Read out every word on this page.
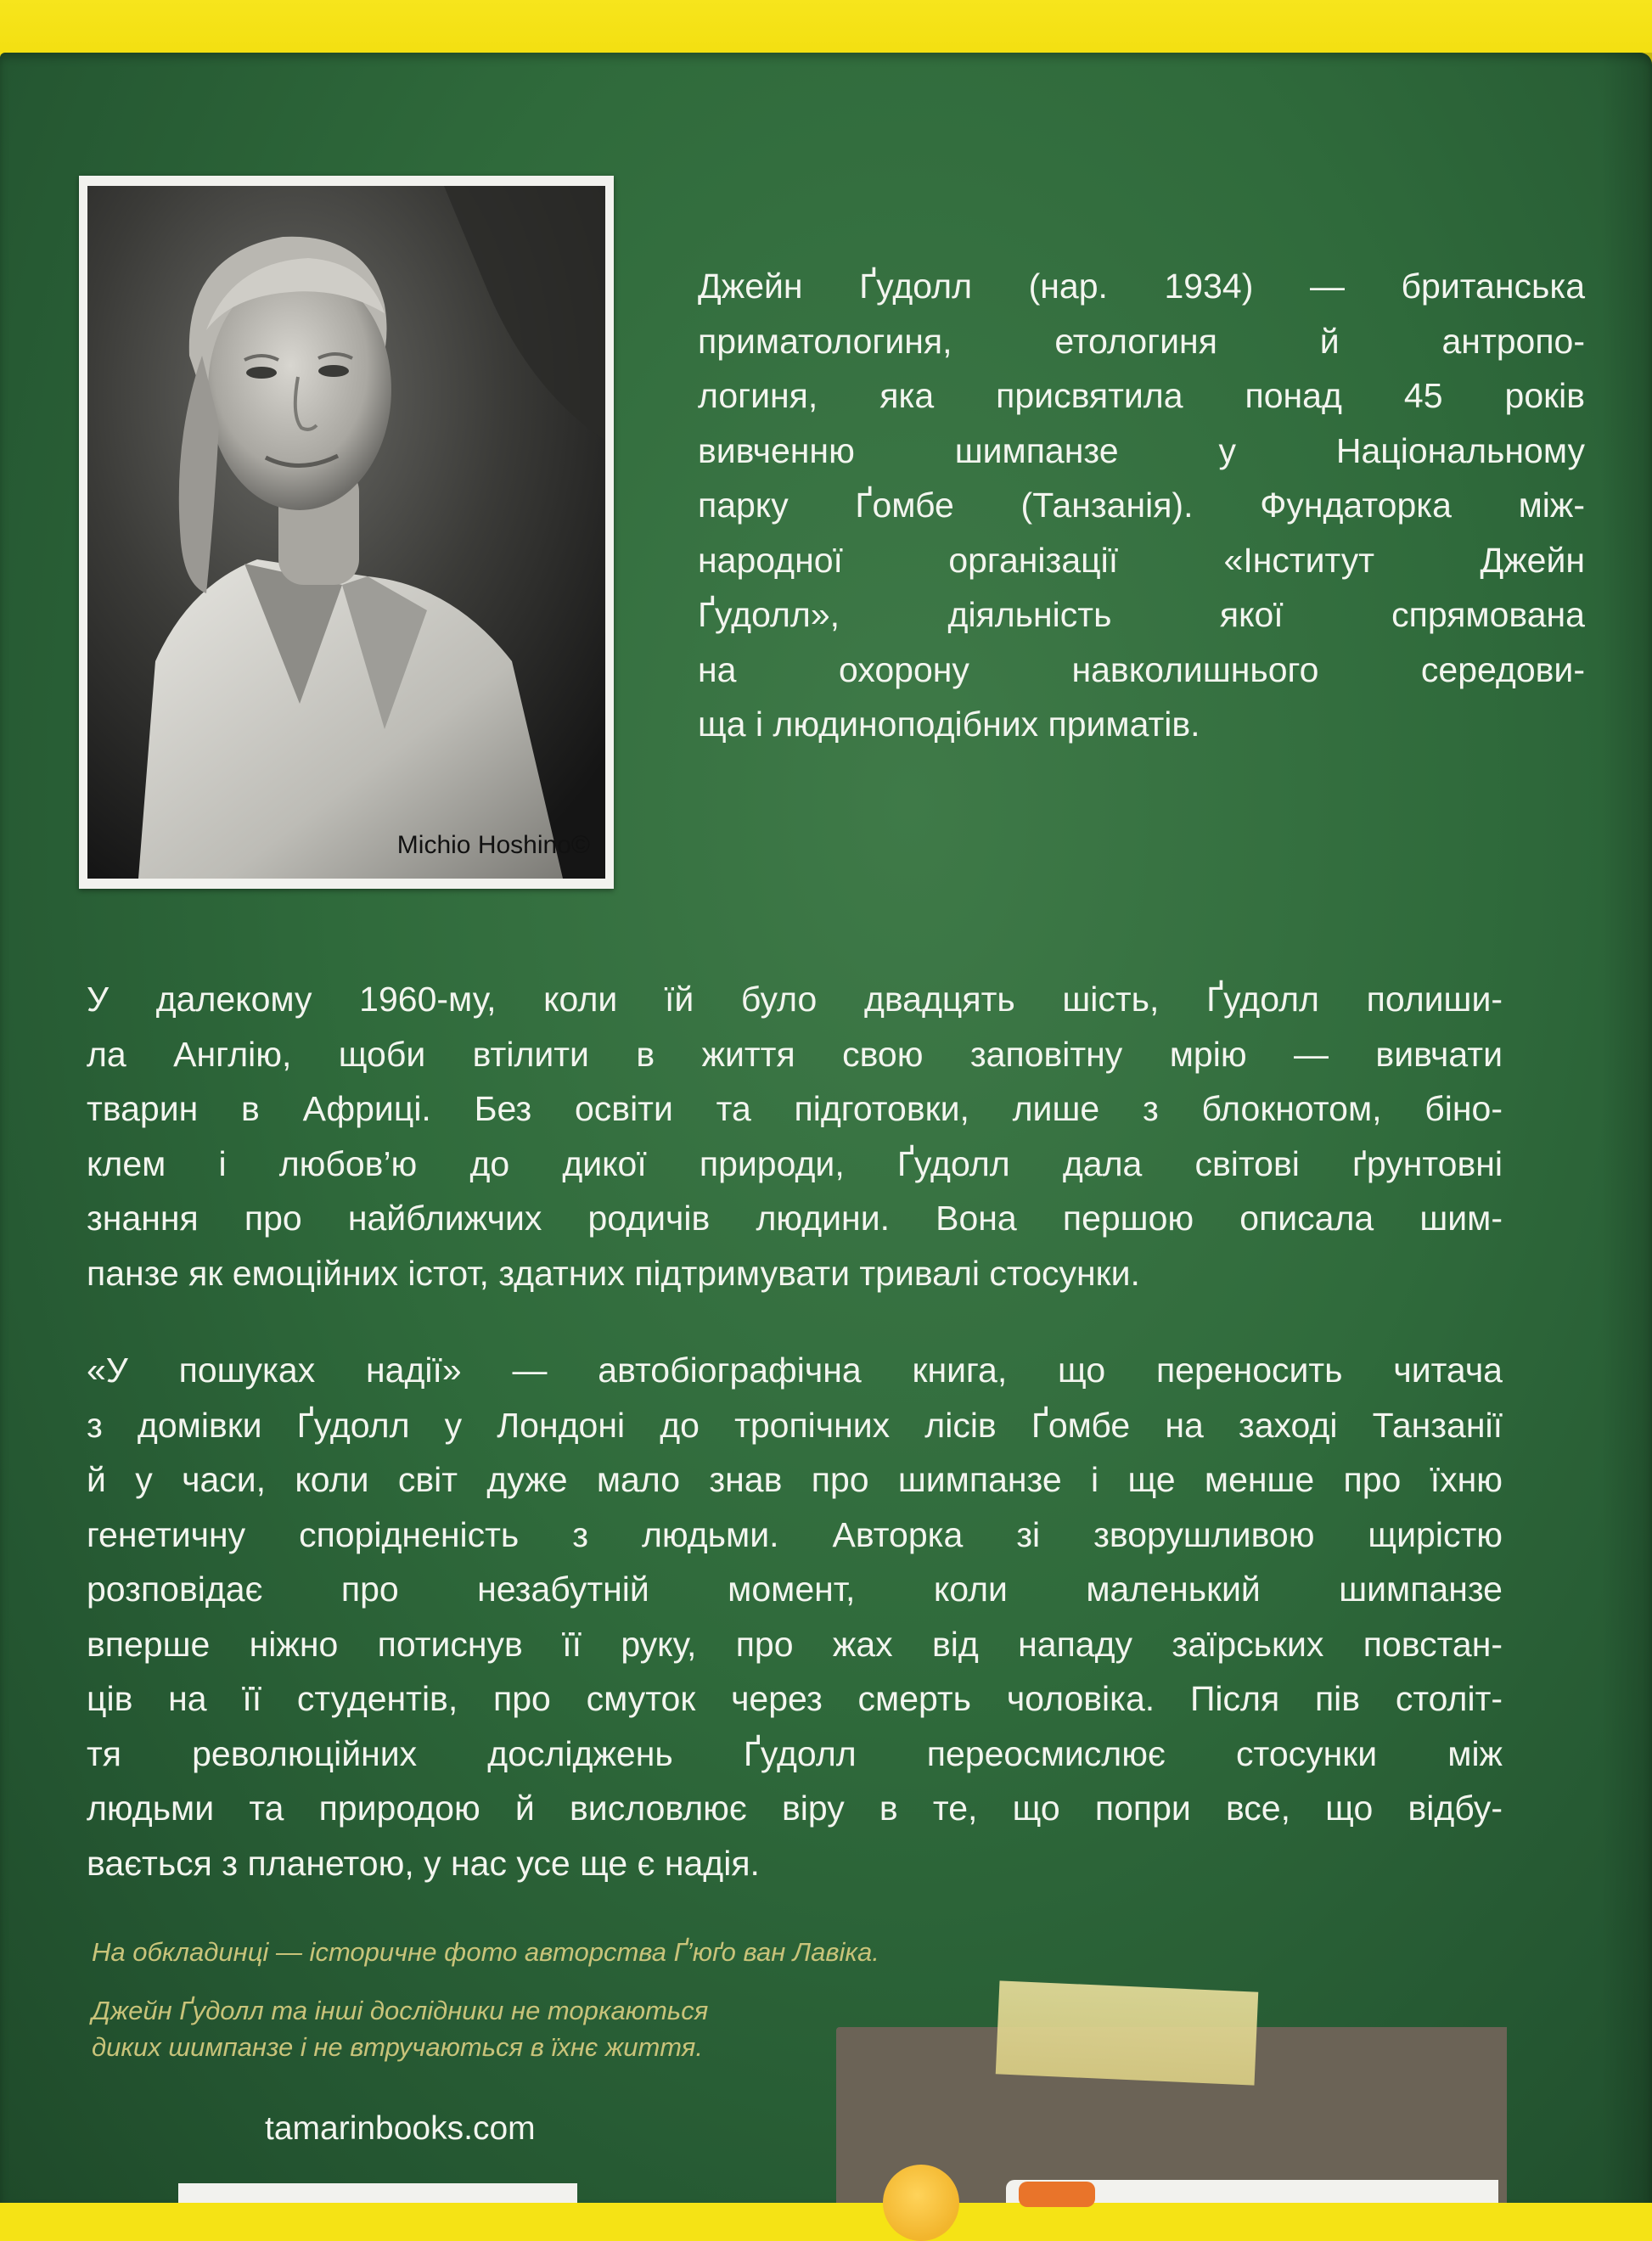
Michio Hoshino©
Джейн Ґудолл (нар. 1934) — британська
приматологиня, етологиня й антропо-
логиня, яка присвятила понад 45 років
вивченню шимпанзе у Національному
парку Ґомбе (Танзанія). Фундаторка між-
народної організації «Інститут Джейн
Ґудолл», діяльність якої спрямована
на охорону навколишнього середови-
ща і людиноподібних приматів.
У далекому 1960-му, коли їй було двадцять шість, Ґудолл полиши-
ла Англію, щоби втілити в життя свою заповітну мрію — вивчати
тварин в Африці. Без освіти та підготовки, лише з блокнотом, біно-
клем і любов’ю до дикої природи, Ґудолл дала світові ґрунтовні
знання про найближчих родичів людини. Вона першою описала шим-
панзе як емоційних істот, здатних підтримувати тривалі стосунки.
«У пошуках надії» — автобіографічна книга, що переносить читача
з домівки Ґудолл у Лондоні до тропічних лісів Ґомбе на заході Танзанії
й у часи, коли світ дуже мало знав про шимпанзе і ще менше про їхню
генетичну спорідненість з людьми. Авторка зі зворушливою щирістю
розповідає про незабутній момент, коли маленький шимпанзе
вперше ніжно потиснув її руку, про жах від нападу заїрських повстан-
ців на її студентів, про смуток через смерть чоловіка. Після пів століт-
тя революційних досліджень Ґудолл переосмислює стосунки між
людьми та природою й висловлює віру в те, що попри все, що відбу-
вається з планетою, у нас усе ще є надія.
На обкладинці — історичне фото авторства Ґ’юґо ван Лавіка.
Джейн Ґудолл та інші дослідники не торкаються
диких шимпанзе і не втручаються в їхнє життя.
tamarinbooks.com
